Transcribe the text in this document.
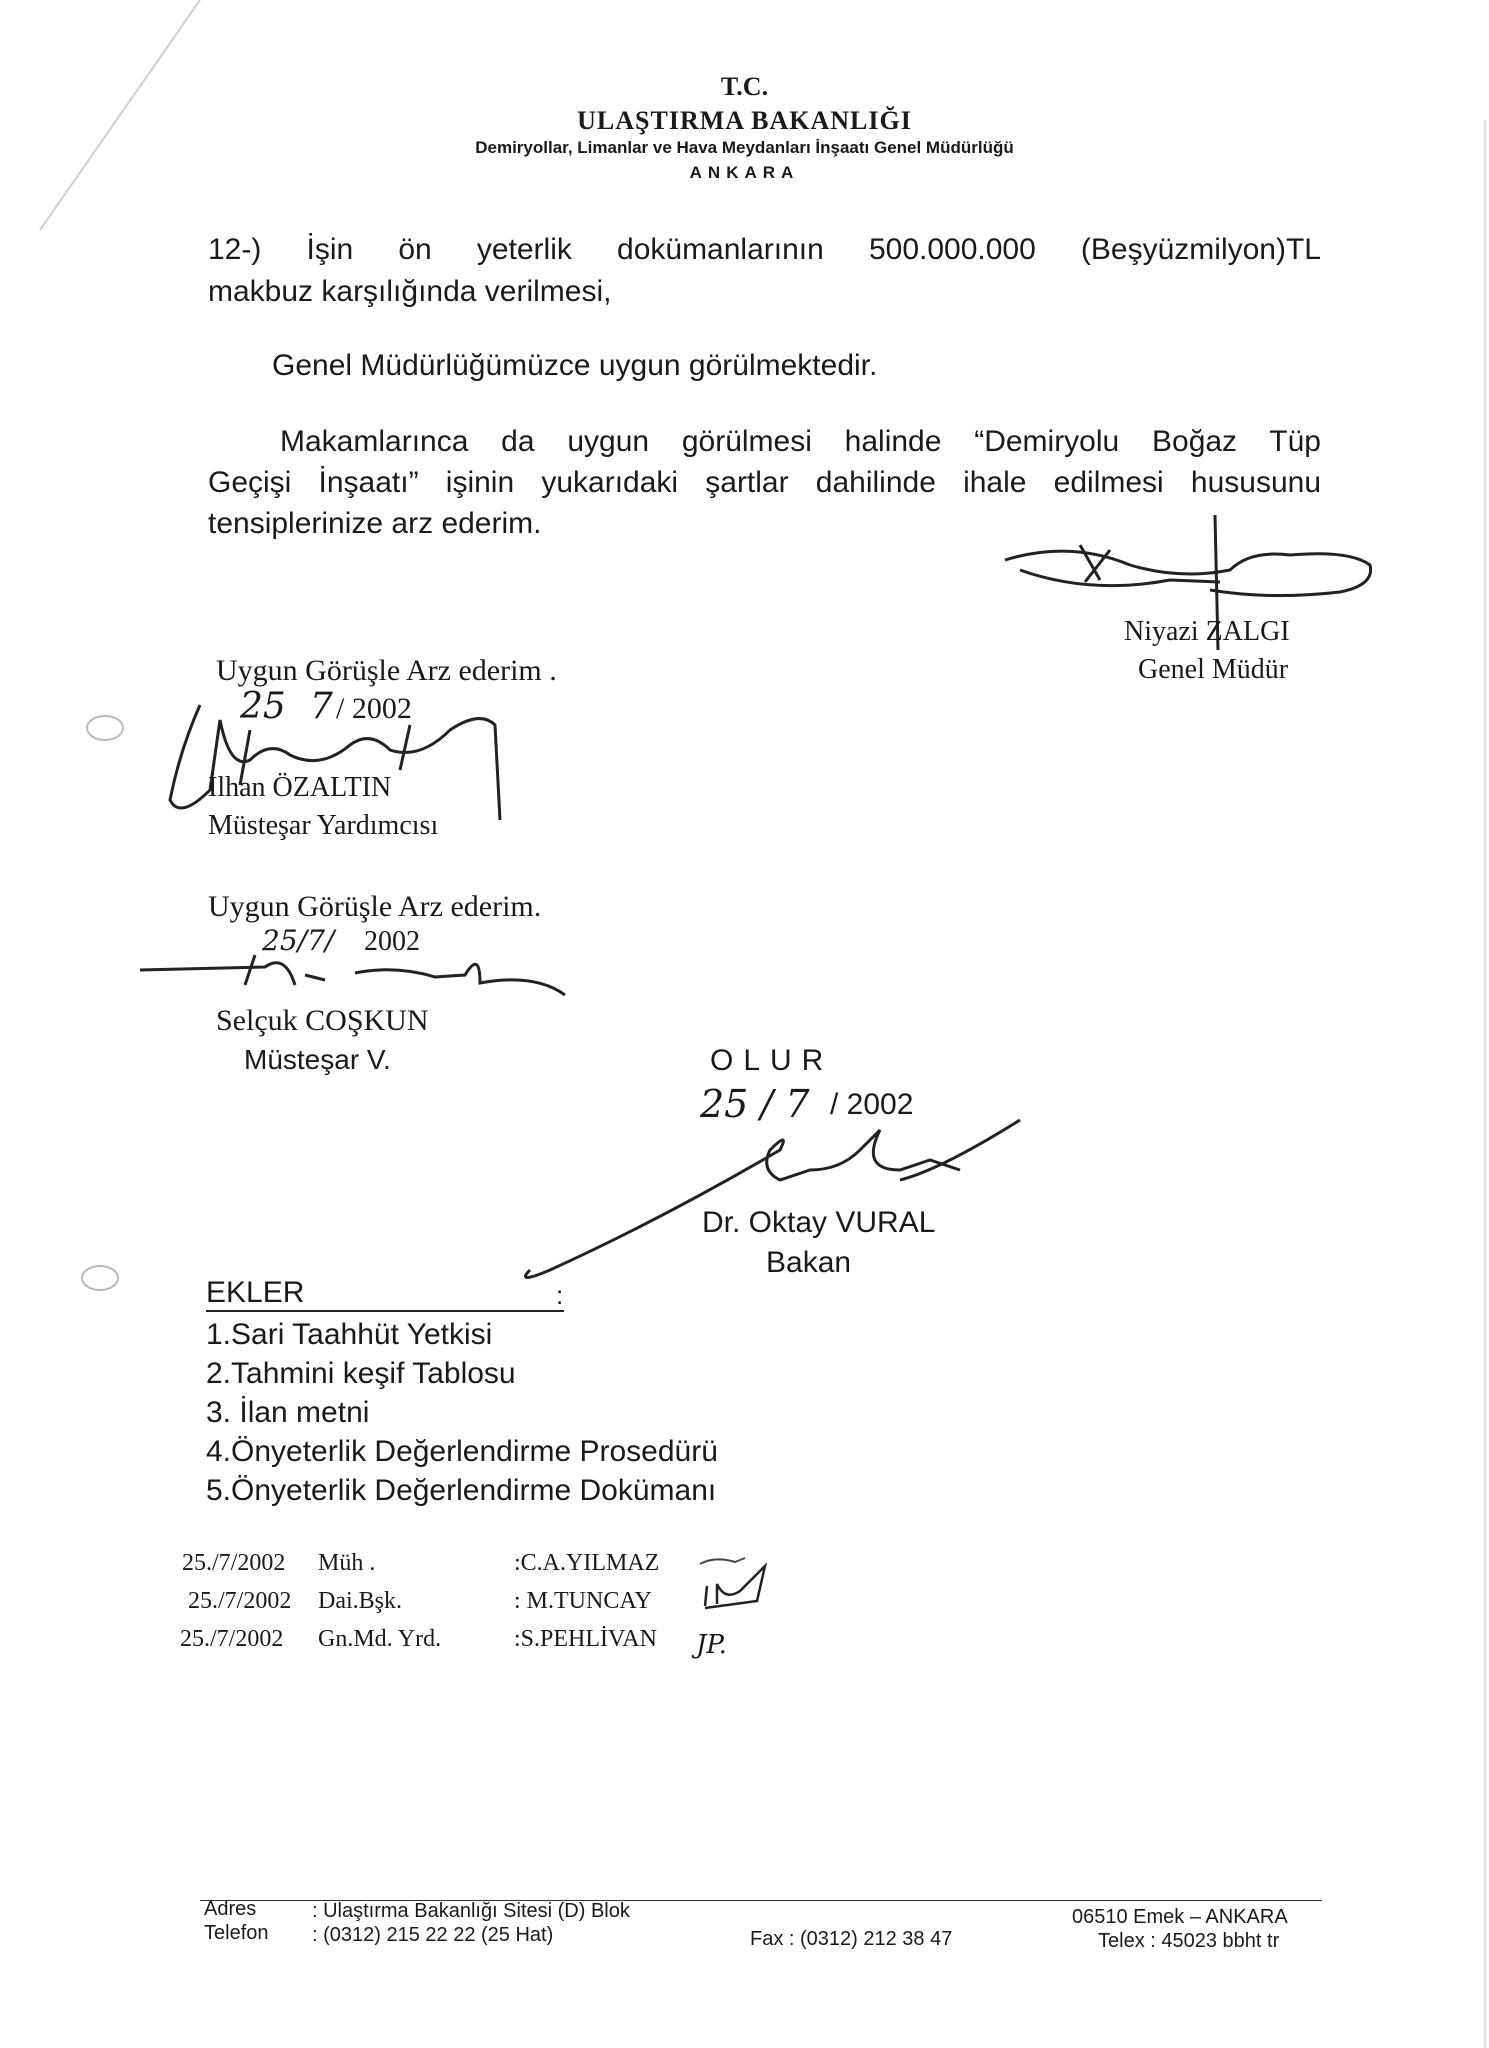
T.C.
ULAŞTIRMA BAKANLIĞI
Demiryollar, Limanlar ve Hava Meydanları İnşaatı Genel Müdürlüğü
ANKARA
12-) İşin ön yeterlik dokümanlarının 500.000.000 (Beşyüzmilyon)TL
makbuz karşılığında verilmesi,
Genel Müdürlüğümüzce uygun görülmektedir.
Makamlarınca da uygun görülmesi halinde “Demiryolu Boğaz Tüp
Geçişi İnşaatı” işinin yukarıdaki şartlar dahilinde ihale edilmesi hususunu
tensiplerinize arz ederim.
Niyazi ZALGI
Genel Müdür
Uygun Görüşle Arz ederim .
25 7 / 2002
İlhan ÖZALTIN
Müsteşar Yardımcısı
Uygun Görüşle Arz ederim.
25/7/ 2002
Selçuk COŞKUN
Müsteşar V.	OLUR
25 / 7 / 2002
Dr. Oktay VURAL
Bakan
EKLER	:
1.Sari Taahhüt Yetkisi
2.Tahmini keşif Tablosu
3. İlan metni
4.Önyeterlik Değerlendirme Prosedürü
5.Önyeterlik Değerlendirme Dokümanı
25./7/2002 Müh .	:C.A.YILMAZ
25./7/2002 Dai.Bşk.	: M.TUNCAY
25./7/2002 Gn.Md. Yrd.	:S.PEHLİVAN JP.
Adres	: Ulaştırma Bakanlığı Sitesi (D) Blok
Telefon : (0312) 215 22 22 (25 Hat)	Fax : (0312) 212 38 47
06510 Emek – ANKARA
Telex : 45023 bbht tr
